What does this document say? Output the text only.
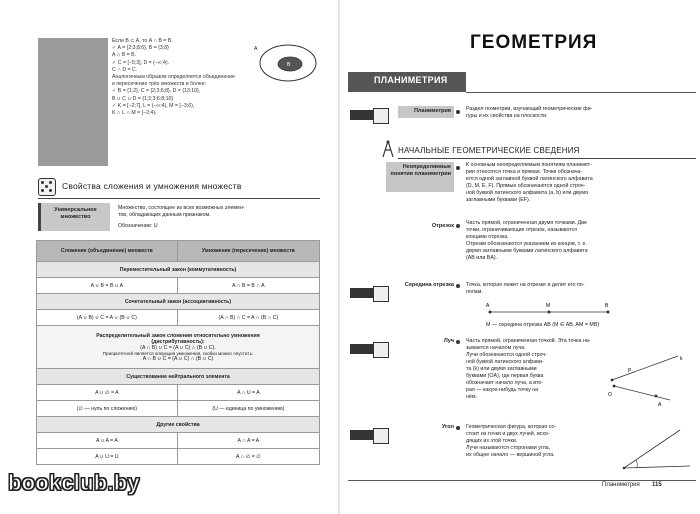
Если B ⊂ A, то A ∩ B = B.
✓ A = {2;3;8;6}, B = {3;8}
A ∩ B = B.
✓ C = [−5;3], D = (−∞;4).
C ∩ D = C.
Аналогичным образом определяется объединение
и пересечение трёх множеств и более:
✓ B = {1;2}, C = {2;3;6;8}, D = {13;10},
B ∪ C ∪ D = {1;2;3;6;8;10}
✓ K = [−2;7], L = (−∞;4), M = [−3;6),
K ∩ L ∩ M = [−2;4).
A
B
Свойства сложения и умножения множеств
Универсальное множество
Множество, состоящее из всех возможных элемен-
тов, обладающих данным признаком.
Обозначение: U
Сложение (объединение) множеств	Умножение (пересечение) множеств
Переместительный закон (коммутативность)	
A ∪ B = B ∪ A	A ∩ B = B ∩ A
Сочетательный закон (ассоциативность)	
(A ∪ B) ∪ C = A ∪ (B ∪ C)	(A ∩ B) ∩ C = A ∩ (B ∩ C)

Распределительный закон сложения относительно умножения
(дистрибутивность):
(A ∩ B) ∪ C = (A ∪ C) ∩ (B ∪ C).
Приоритетной является операция умножения, скобки можно опустить:
A ∩ B ∪ C = (A ∪ C) ∩ (B ∪ C)	

Существование нейтрального элемента	
A ∪ ∅ = A	A ∩ U = A
(∅ — нуль по сложению)	(U — единица по умножению)
Другие свойства	
A ∪ A = A	A ∩ A = A
A ∪ U = U	A ∩ ∅ = ∅
ГЕОМЕТРИЯ
ПЛАНИМЕТРИЯ
Планиметрия	Раздел геометрии, изучающий геометрические фи-
гуры и их свойства на плоскости.
НАЧАЛЬНЫЕ ГЕОМЕТРИЧЕСКИЕ СВЕДЕНИЯ
Неопределяемые понятия планиметрии
К основным неопределяемым понятиям планимет-
рии относятся точка и прямая. Точки обознача-
ются одной заглавной буквой латинского алфавита
(D, M, E, F). Прямые обозначаются одной строч-
ной буквой латинского алфавита (a, b) или двумя
заглавными буквами (EF).
Отрезок Часть прямой, ограниченная двумя точками. Две
точки, ограничивающие отрезок, называются
концами отрезка.
Отрезки обозначаются указанием их концов, т. е.
двумя заглавными буквами латинского алфавита
(AB или BA).
Середина отрезка Точка, которая лежит на отрезке и делит его по-
полам.
A	M	B
M — середина отрезка AB (M ∈ AB, AM = MB)
Луч Часть прямой, ограниченная точкой. Эта точка на-
зывается началом луча.
Лучи обозначаются одной строч-
ной буквой латинского алфави-
та (k) или двумя заглавными
буквами (OA), где первая буква
обозначает начало луча, а вто-
рая — какую-нибудь точку на
нём.	O
A
k
P
Угол Геометрическая фигура, которая со-
стоит из точки и двух лучей, исхо-
дящих из этой точки.
Лучи называются сторонами угла,
их общее начало — вершиной угла.
Планиметрия 115
bookclub.by
